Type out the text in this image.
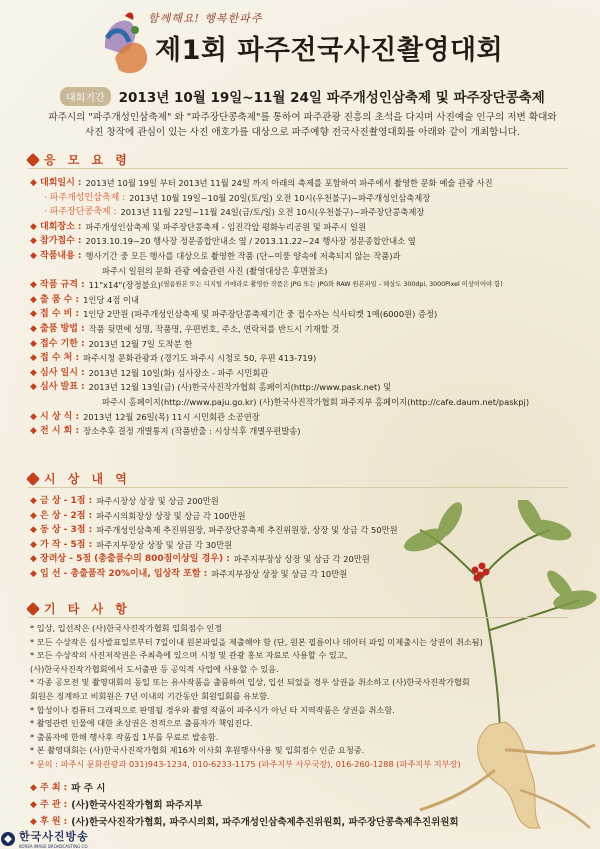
함께해요! 행복한파주
제1회 파주전국사진촬영대회
대회기간	2013년 10월 19일~11월 24일 파주개성인삼축제 및 파주장단콩축제
파주시의 "파주개성인삼축제" 와 "파주장단콩축제"를 통하여 파주관광 진흥의 초석을 다지며 사진예술 인구의 저변 확대와
사진 창작에 관심이 있는 사진 애호가를 대상으로 파주예향 전국사진촬영대회를 아래와 같이 개최합니다.
응 모 요 령
◆ 대회일시 : 2013년 10월 19일 부터 2013년 11월 24일 까지 아래의 축제를 포함하여 파주에서 촬영한 문화 예술 관광 사진
· 파주개성인삼축제 : 2013년 10월 19일~10월 20일(토/일) 오전 10시(우천불구)~파주개성인삼축제장
· 파주장단콩축제 : 2013년 11월 22일~11월 24일(금/토/일) 오전 10시(우천불구)~파주장단콩축제장
◆ 대회장소 : 파주개성인삼축제 및 파주장단콩축제 - 임진각앞 평화누리공원 및 파주시 일원
◆ 참가접수 : 2013.10.19~20 행사장 정문종합안내소 옆 / 2013.11.22~24 행사장 정문종합안내소 옆
◆ 작품내용 : 행사기간 중 모든 행사를 대상으로 촬영한 작품 (단~미풍 양속에 저촉되지 않는 작품)과
파주시 일원의 문화 관광 예술관련 사진 (촬영대상은 후면참조)
◆ 작품 규격 : 11"x14"(장정불요) (필름원본 또는 디지털 카메라로 촬영한 작품은 JPG 또는 JPG와 RAW 원본파일 - 해상도 300dpi, 3000Pixel 이상이어야 함)
◆ 출 품 수 : 1인당 4점 이내
◆ 접 수 비 : 1인당 2만원 (파주개성인삼축제 및 파주장단콩축제기간 중 접수자는 식사티켓 1매(6000원) 증정)
◆ 출품 방법 : 작품 뒷면에 성명, 작품명, 우편번호, 주소, 연락처를 반드시 기재할 것
◆ 접수 기한 : 2013년 12월 7일 도착분 한
◆ 접 수 처 : 파주시청 문화관광과 (경기도 파주시 시청로 50, 우편 413-719)
◆ 심사 일시 : 2013년 12월 10일(화) 심사장소 - 파주 시민회관
◆ 심사 발표 : 2013년 12월 13일(금) (사)한국사진작가협회 홈페이지(http://www.pask.net) 및
파주시 홈페이지(http://www.paju.go.kr) (사)한국사진작가협회 파주지부 홈페이지(http://cafe.daum.net/paskpj)
◆ 시 상 식 : 2013년 12월 26일(목) 11시 시민회관 소공연장
◆ 전 시 회 : 장소추후 결정 개별통지 (작품반출 : 시상식후 개별우편발송)
시 상 내 역
◆ 금 상 - 1점 : 파주시장상 상장 및 상금 200만원
◆ 은 상 - 2점 : 파주시의회장상 상장 및 상금 각 100만원
◆ 동 상 - 3점 : 파주개성인삼축제 추진위원장, 파주장단콩축제 추진위원장, 상장 및 상금 각 50만원
◆ 가 작 - 5점 : 파주지부장상 상장 및 상금 각 30만원
◆ 장려상 - 5점 (총출품수의 800점이상일 경우) : 파주지부장상 상장 및 상금 각 20만원
◆ 입 선 - 총출품작 20%이내, 입상작 포함 : 파주지부장상 상장 및 상금 각 10만원
기 타 사 항
* 입상, 입선작은 (사)한국사진작가협회 입회점수 인정
* 모든 수상작은 심사발표일로부터 7일이내 원본파일을 제출해야 함 (단, 원본 필름이나 데이터 파일 미제출시는 상권이 취소됨)
* 모든 수상작의 사진저작권은 주최측에 있으며 시정 및 관광 홍보 자료로 사용할 수 있고,
(사)한국사진작가협회에서 도서출판 등 공익적 사업에 사용할 수 있음.
* 각종 공모전 및 촬영대회의 동일 또는 유사작품을 출품하여 입상, 입선 되었을 경우 상권을 취소하고 (사)한국사진작가협회
회원은 징계하고 비회원은 7년 이내의 기간동안 회원입회를 유보함.
* 합성이나 컴퓨터 그래픽으로 판명될 경우와 촬영 작품이 파주시가 아닌 타 지역작품은 상권을 취소함.
* 촬영관련 인물에 대한 초상권은 전적으로 출품자가 책임진다.
* 출품자에 한해 행사후 작품집 1부를 무료로 발송함.
* 본 촬영대회는 (사)한국사진작가협회 제16차 이사회 후원행사사용 및 입회점수 인준 요청중.
* 문의 : 파주시 문화관광과 031)943-1234, 010-6233-1175 (파주지부 사무국장), 016-260-1288 (파주지부 지부장)
◆ 주 최 : 파 주 시
◆ 주 관 : (사)한국사진작가협회 파주지부
◆ 후 원 : (사)한국사진작가협회, 파주시의회, 파주개성인삼축제추진위원회, 파주장단콩축제추진위원회
한국사진방송
KOREA IMAGE BROADCASTING CO.
